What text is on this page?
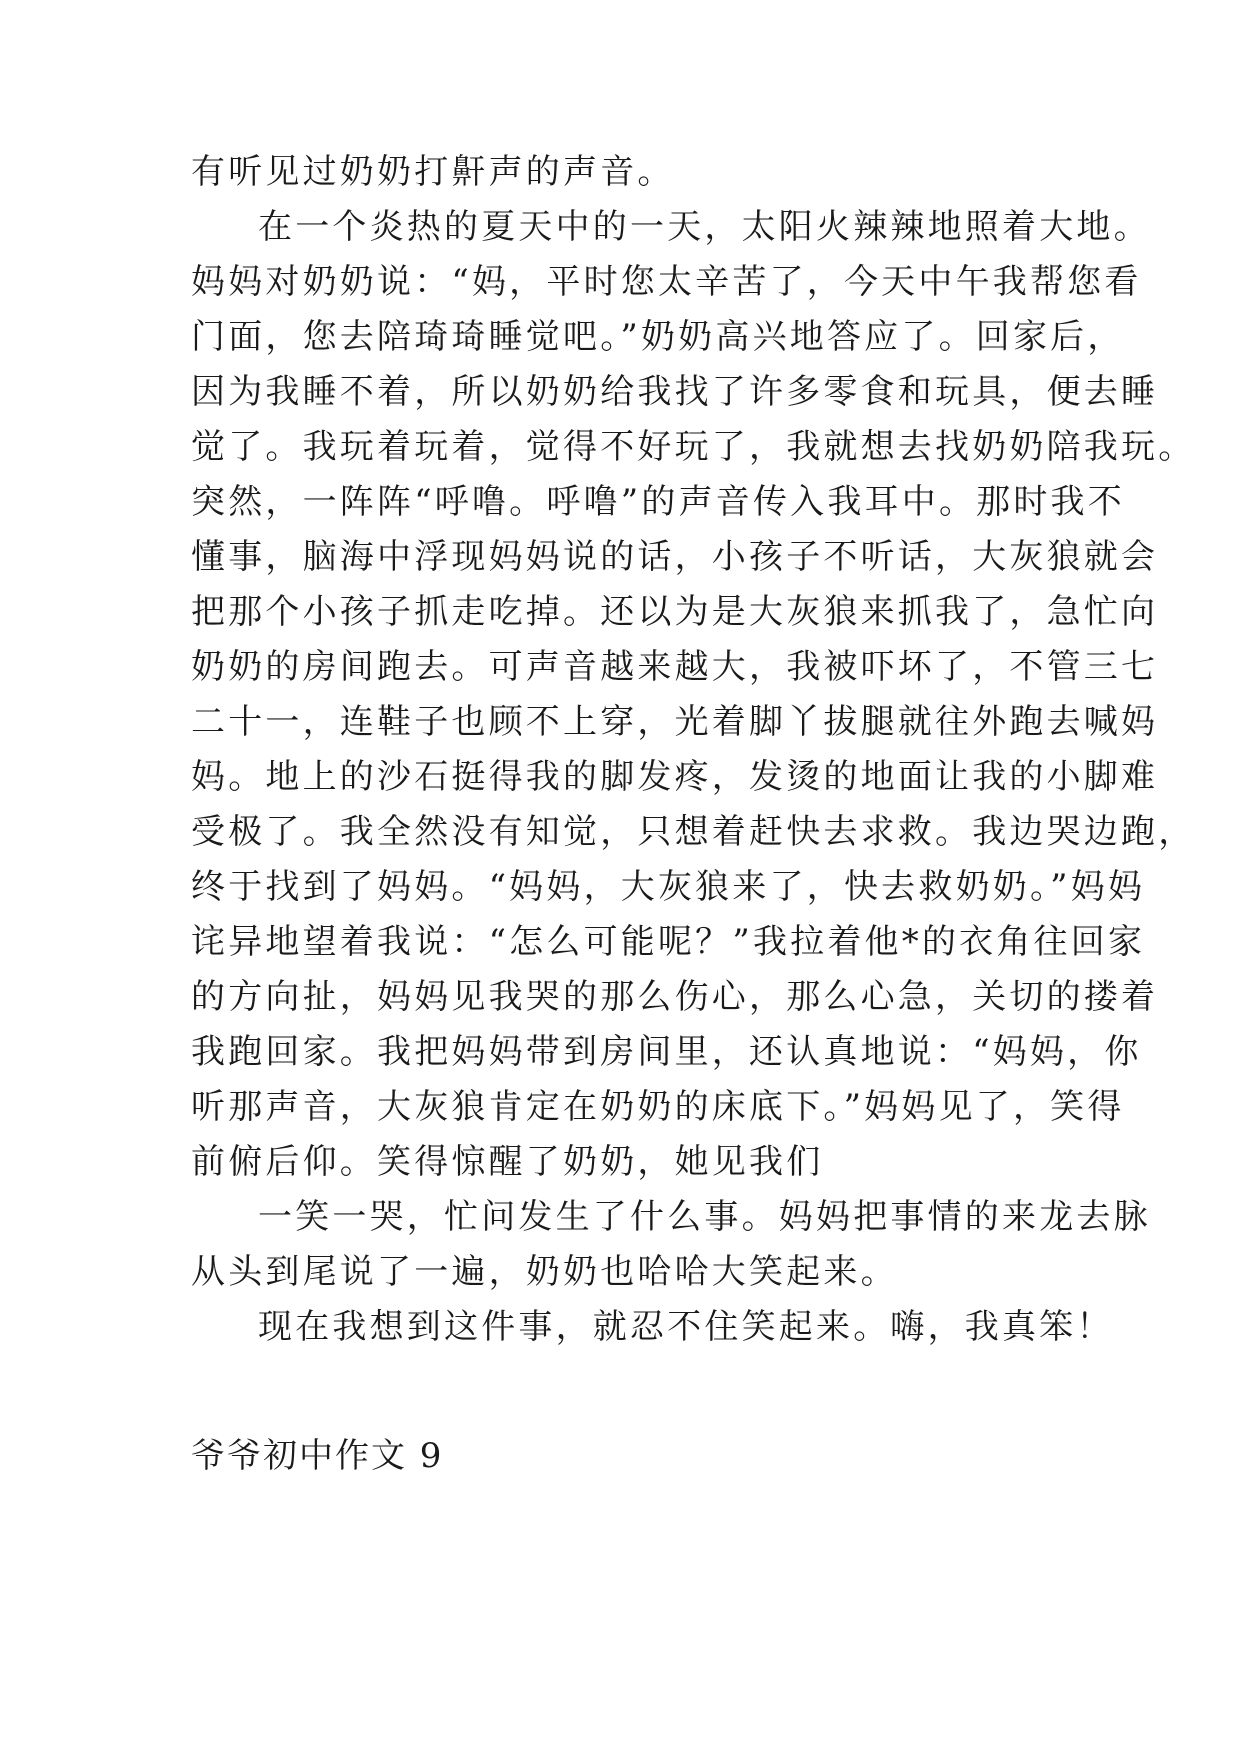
有听见过奶奶打鼾声的声音。
在一个炎热的夏天中的一天，太阳火辣辣地照着大地。
妈妈对奶奶说：“妈，平时您太辛苦了，今天中午我帮您看
门面，您去陪琦琦睡觉吧。”奶奶高兴地答应了。回家后，
因为我睡不着，所以奶奶给我找了许多零食和玩具，便去睡
觉了。我玩着玩着，觉得不好玩了，我就想去找奶奶陪我玩。
突然，一阵阵“呼噜。呼噜”的声音传入我耳中。那时我不
懂事，脑海中浮现妈妈说的话，小孩子不听话，大灰狼就会
把那个小孩子抓走吃掉。还以为是大灰狼来抓我了，急忙向
奶奶的房间跑去。可声音越来越大，我被吓坏了，不管三七
二十一，连鞋子也顾不上穿，光着脚丫拔腿就往外跑去喊妈
妈。地上的沙石挺得我的脚发疼，发烫的地面让我的小脚难
受极了。我全然没有知觉，只想着赶快去求救。我边哭边跑，
终于找到了妈妈。“妈妈，大灰狼来了，快去救奶奶。”妈妈
诧异地望着我说：“怎么可能呢？”我拉着他*的衣角往回家
的方向扯，妈妈见我哭的那么伤心，那么心急，关切的搂着
我跑回家。我把妈妈带到房间里，还认真地说：“妈妈，你
听那声音，大灰狼肯定在奶奶的床底下。”妈妈见了，笑得
前俯后仰。笑得惊醒了奶奶，她见我们
一笑一哭，忙问发生了什么事。妈妈把事情的来龙去脉
从头到尾说了一遍，奶奶也哈哈大笑起来。
现在我想到这件事，就忍不住笑起来。嗨，我真笨！
爷爷初中作文 9
